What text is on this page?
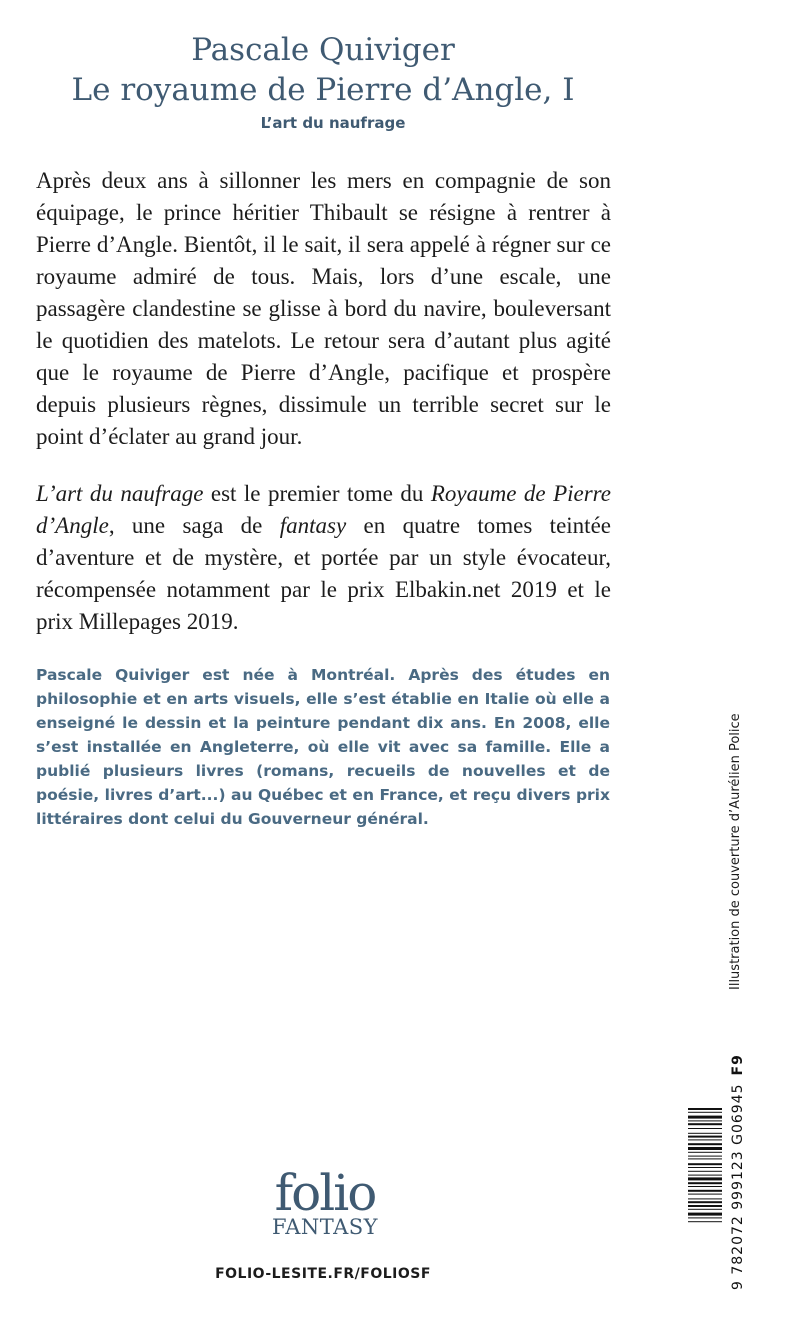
Pascale Quiviger
Le royaume de Pierre d’Angle, I
L’art du naufrage

Après deux ans à sillonner les mers en compagnie de son équipage, le prince héritier Thibault se résigne à rentrer à Pierre d’Angle. Bientôt, il le sait, il sera appelé à régner sur ce royaume admiré de tous. Mais, lors d’une escale, une passagère clandestine se glisse à bord du navire, bouleversant le quotidien des matelots. Le retour sera d’autant plus agité que le royaume de Pierre d’Angle, pacifique et prospère depuis plusieurs règnes, dissimule un terrible secret sur le point d’éclater au grand jour.

L’art du naufrage est le premier tome du Royaume de Pierre d’Angle, une saga de fantasy en quatre tomes teintée d’aventure et de mystère, et portée par un style évocateur, récompensée notamment par le prix Elbakin.net 2019 et le prix Millepages 2019.

Pascale Quiviger est née à Montréal. Après des études en philosophie et en arts visuels, elle s’est établie en Italie où elle a enseigné le dessin et la peinture pendant dix ans. En 2008, elle s’est installée en Angleterre, où elle vit avec sa famille. Elle a publié plusieurs livres (romans, recueils de nouvelles et de poésie, livres d’art...) au Québec et en France, et reçu divers prix littéraires dont celui du Gouverneur général.	Illustration de couverture d’Aurélien Police
9 782072 999123 G06945F9
folio
FANTASY
FOLIO-LESITE.FR/FOLIOSF
